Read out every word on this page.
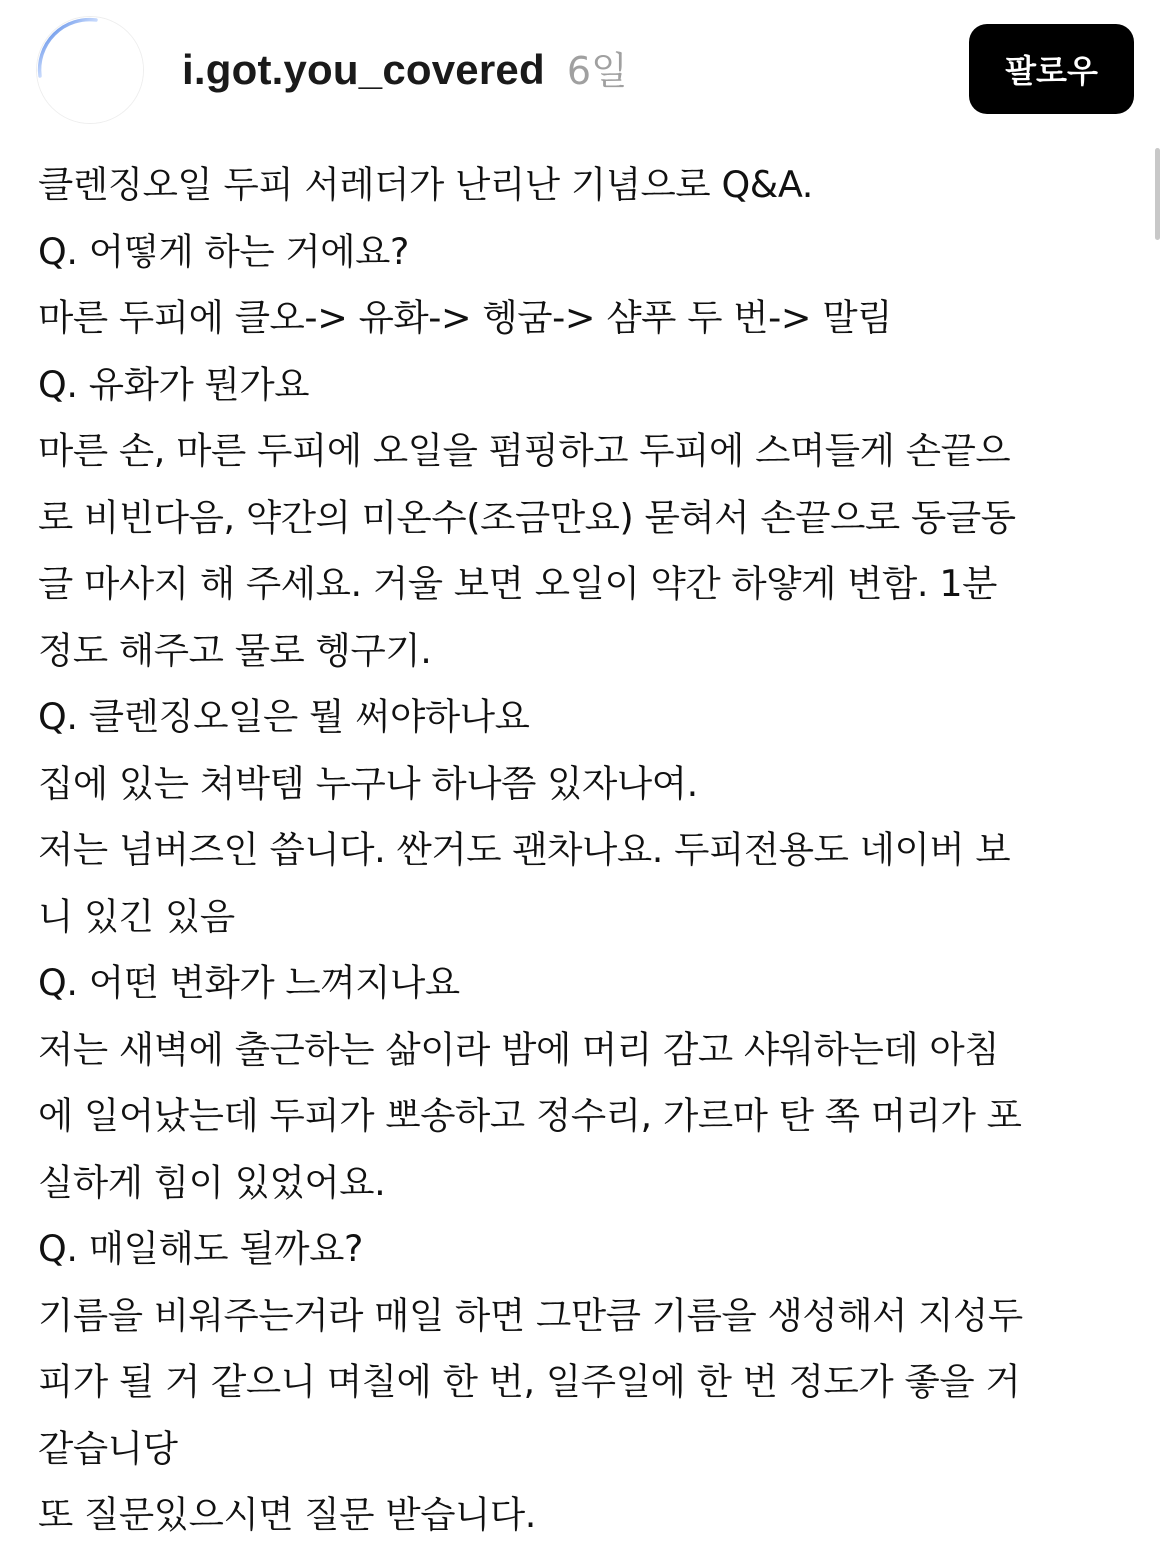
i.got.you_covered 6일	팔로우

클렌징오일 두피 서레더가 난리난 기념으로 Q&A.

Q. 어떻게 하는 거에요?

마른 두피에 클오-> 유화-> 헹굼-> 샴푸 두 번-> 말림

Q. 유화가 뭔가요

마른 손, 마른 두피에 오일을 펌핑하고 두피에 스며들게 손끝으

로 비빈다음, 약간의 미온수(조금만요) 묻혀서 손끝으로 동글동

글 마사지 해 주세요. 거울 보면 오일이 약간 하얗게 변함. 1분

정도 해주고 물로 헹구기.

Q. 클렌징오일은 뭘 써야하나요

집에 있는 쳐박템 누구나 하나쯤 있자나여.

저는 넘버즈인 씁니다. 싼거도 괜차나요. 두피전용도 네이버 보

니 있긴 있음

Q. 어떤 변화가 느껴지나요

저는 새벽에 출근하는 삶이라 밤에 머리 감고 샤워하는데 아침

에 일어났는데 두피가 뽀송하고 정수리, 가르마 탄 쪽 머리가 포

실하게 힘이 있었어요.

Q. 매일해도 될까요?

기름을 비워주는거라 매일 하면 그만큼 기름을 생성해서 지성두

피가 될 거 같으니 며칠에 한 번, 일주일에 한 번 정도가 좋을 거

같습니당

또 질문있으시면 질문 받습니다.
